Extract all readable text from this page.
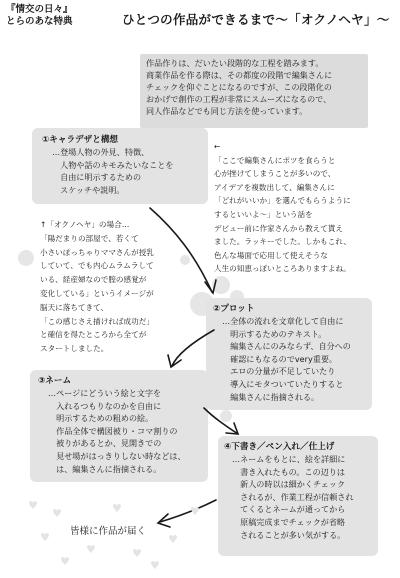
『情交の日々』
とらのあな特典	ひとつの作品ができるまで〜「オクノヘヤ」〜
作品作りは、だいたい段階的な工程を踏みます。
商業作品を作る際は、その都度の段階で編集さんに
チェックを仰ぐことになるのですが、この段階化の
おかげで創作の工程が非常にスムーズになるので、
同人作品などでも同じ方法を使っています。
①キャラデザと構想
…登場人物の外見、特徴、
　人物や話のキモみたいなことを
　自由に明示するための
　スケッチや説明。
←
「ここで編集さんにポツを食らうと
心が挫けてしまうことが多いので、
アイデアを複数出して、編集さんに
「どれがいいか」を選んでもらうように
するといいよ〜」という話を
デビュー前に作家さんから教えて貰え
ました。ラッキーでした。しかもこれ、
色んな場面で応用して使えそうな
人生の知恵っぽいところありますよね。
↑「オクノヘヤ」の場合…
「陽だまりの部屋で、若くて
小さいぽっちゃりママさんが授乳
していて、でも内心ムラムラして
いる、経産婦なので膣の感覚が
変化している」というイメージが
脳天に落ちてきて、
「この感じさえ描ければ成功だ」
と確信を得たところから全てが
スタートしました。
②プロット
…全体の流れを文章化して自由に
　明示するためのテキスト。
　編集さんにのみならず、自分への
　確認にもなるのでvery重要。
　エロの分量が不足していたり
　導入にモタついていたりすると
　編集さんに指摘される。
③ネーム
…ページにどういう絵と文字を
　入れるつもりなのかを自由に
　明示するための粗めの絵。
　作品全体で構図被り・コマ割りの
　被りがあるとか、見開きでの
　見せ場がはっきりしない時などは、
　は、編集さんに指摘される。
④下書き／ペン入れ／仕上げ
…ネームをもとに、絵を詳細に
　書き入れたもの。この辺りは
　新人の時以は細かくチェック
　されるが、作業工程が信頼され
　てくるとネームが通ってから
　原稿完成までチェックが省略
　されることが多い気がする。
♥
♥
♥
♥
♥	♥
♥
♥
♥	♥
皆様に作品が届く
